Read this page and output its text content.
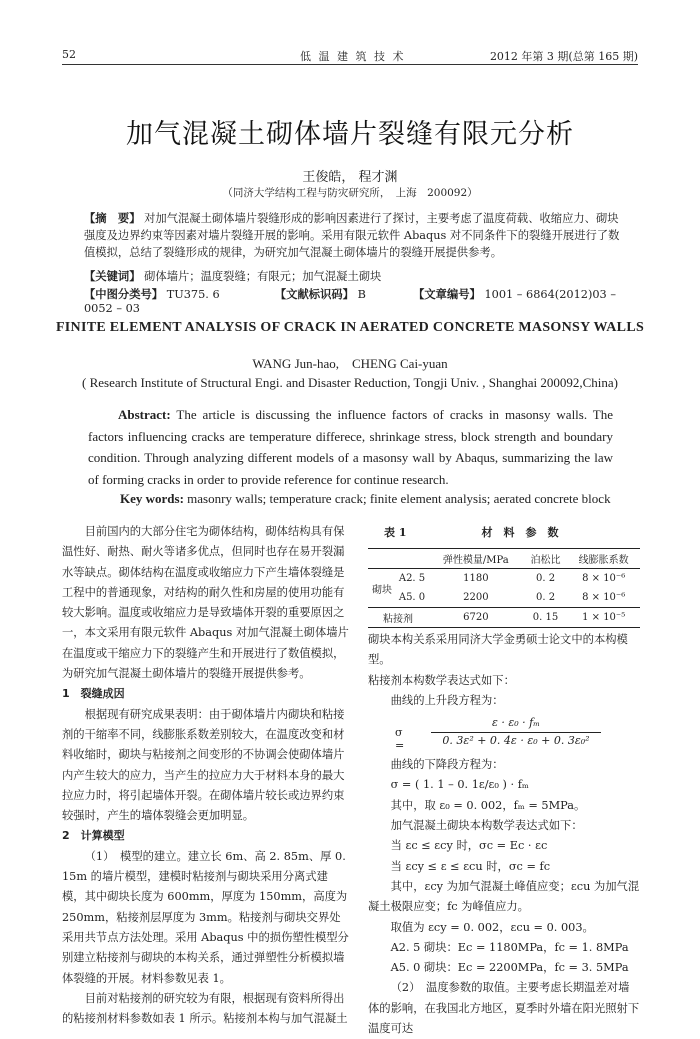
52	低 温 建 筑 技 术	2012 年第 3 期(总第 165 期)
加气混凝土砌体墙片裂缝有限元分析
王俊皓， 程才渊
（同济大学结构工程与防灾研究所，　上海　200092）
【摘　要】 对加气混凝土砌体墙片裂缝形成的影响因素进行了探讨，主要考虑了温度荷载、收缩应力、砌块强度及边界约束等因素对墙片裂缝开展的影响。采用有限元软件 Abaqus 对不同条件下的裂缝开展进行了数值模拟，总结了裂缝形成的规律，为研究加气混凝土砌体墙片的裂缝开展提供参考。
【关键词】 砌体墙片；温度裂缝；有限元；加气混凝土砌块
【中图分类号】 TU375. 6	【文献标识码】 B	【文章编号】 1001 – 6864(2012)03 – 0052 – 03
FINITE ELEMENT ANALYSIS OF CRACK IN AERATED CONCRETE MASONSY WALLS
WANG Jun-hao,　CHENG Cai-yuan
( Research Institute of Structural Engi. and Disaster Reduction, Tongji Univ. , Shanghai 200092,China)
Abstract: The article is discussing the influence factors of cracks in masonsy walls. The factors influencing cracks are temperature differece, shrinkage stress, block strength and boundary condition. Through analyzing different models of a masonsy wall by Abaqus, summarizing the law of forming cracks in order to provide reference for continue research.
Key words: masonry walls; temperature crack; finite element analysis; aerated concrete block

目前国内的大部分住宅为砌体结构，砌体结构具有保温性好、耐热、耐火等诸多优点，但同时也存在易开裂漏水等缺点。砌体结构在温度或收缩应力下产生墙体裂缝是工程中的普通现象，对结构的耐久性和房屋的使用功能有较大影响。温度或收缩应力是导致墙体开裂的重要原因之一，本文采用有限元软件 Abaqus 对加气混凝土砌体墙片在温度或干缩应力下的裂缝产生和开展进行了数值模拟，为研究加气混凝土砌体墙片的裂缝开展提供参考。

1　裂缝成因

根据现有研究成果表明：由于砌体墙片内砌块和粘接剂的干缩率不同，线膨胀系数差别较大，在温度改变和材料收缩时，砌块与粘接剂之间变形的不协调会使砌体墙片内产生较大的应力，当产生的拉应力大于材料本身的最大拉应力时，将引起墙体开裂。在砌体墙片较长或边界约束较强时，产生的墙体裂缝会更加明显。

2　计算模型

（1）　模型的建立。建立长 6m、高 2. 85m、厚 0. 15m 的墙片模型，建模时粘接剂与砌块采用分离式建模，其中砌块长度为 600mm，厚度为 150mm，高度为 250mm，粘接剂层厚度为 3mm。粘接剂与砌块交界处采用共节点方法处理。采用 Abaqus 中的损伤塑性模型分别建立粘接剂与砌块的本构关系，通过弹塑性分析模拟墙体裂缝的开展。材料参数见表 1。

目前对粘接剂的研究较为有限，根据现有资料所得出的粘接剂材料参数如表 1 所示。粘接剂本构与加气混凝土

表 1	材　料　参　数
	弹性模量/MPa	泊松比	线膨胀系数

砌块
A2. 5	1180	0. 2	8 × 10⁻⁶
A5. 0	2200	0. 2	8 × 10⁻⁶
粘接剂	6720	0. 15	1 × 10⁻⁵

砌块本构关系采用同济大学金勇硕士论文中的本构模型。

粘接剂本构数学表达式如下：

曲线的上升段方程为：

曲线的下降段方程为：

σ = ( 1. 1 – 0. 1ε/ε₀ ) · fₘ

其中，取 ε₀ = 0. 002，fₘ = 5MPa。

加气混凝土砌块本构数学表达式如下：

当 εc ≤ εcy 时，σc = Ec · εc

当 εcy ≤ ε ≤ εcu 时，σc = fc

其中，εcy 为加气混凝土峰值应变；εcu 为加气混凝土极限应变；fc 为峰值应力。

取值为 εcy = 0. 002，εcu = 0. 003。

A2. 5 砌块：Ec = 1180MPa，fc = 1. 8MPa

A5. 0 砌块：Ec = 2200MPa，fc = 3. 5MPa

（2）　温度参数的取值。主要考虑长期温差对墙体的影响，在我国北方地区，夏季时外墙在阳光照射下温度可达

σ =
ε · ε₀ · fₘ
0. 3ε² + 0. 4ε · ε₀ + 0. 3ε₀²
